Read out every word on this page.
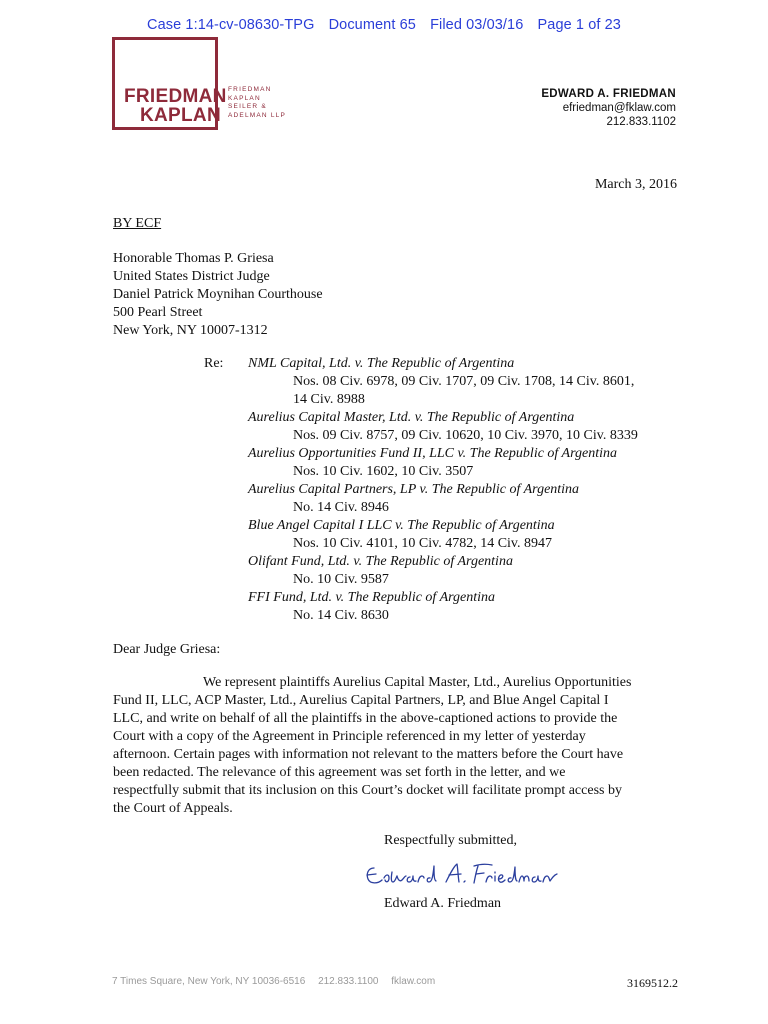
Case 1:14-cv-08630-TPG Document 65 Filed 03/03/16 Page 1 of 23
FRIEDMAN
KAPLAN
FRIEDMAN
KAPLAN
SEILER &
ADELMAN LLP
EDWARD A. FRIEDMAN
efriedman@fklaw.com
212.833.1102
March 3, 2016
BY ECF
Honorable Thomas P. Griesa
United States District Judge
Daniel Patrick Moynihan Courthouse
500 Pearl Street
New York, NY 10007-1312
Re: NML Capital, Ltd. v. The Republic of Argentina
Nos. 08 Civ. 6978, 09 Civ. 1707, 09 Civ. 1708, 14 Civ. 8601,
14 Civ. 8988
Aurelius Capital Master, Ltd. v. The Republic of Argentina
Nos. 09 Civ. 8757, 09 Civ. 10620, 10 Civ. 3970, 10 Civ. 8339
Aurelius Opportunities Fund II, LLC v. The Republic of Argentina
Nos. 10 Civ. 1602, 10 Civ. 3507
Aurelius Capital Partners, LP v. The Republic of Argentina
No. 14 Civ. 8946
Blue Angel Capital I LLC v. The Republic of Argentina
Nos. 10 Civ. 4101, 10 Civ. 4782, 14 Civ. 8947
Olifant Fund, Ltd. v. The Republic of Argentina
No. 10 Civ. 9587
FFI Fund, Ltd. v. The Republic of Argentina
No. 14 Civ. 8630
Dear Judge Griesa:
We represent plaintiffs Aurelius Capital Master, Ltd., Aurelius Opportunities
Fund II, LLC, ACP Master, Ltd., Aurelius Capital Partners, LP, and Blue Angel Capital I
LLC, and write on behalf of all the plaintiffs in the above-captioned actions to provide the
Court with a copy of the Agreement in Principle referenced in my letter of yesterday
afternoon. Certain pages with information not relevant to the matters before the Court have
been redacted. The relevance of this agreement was set forth in the letter, and we
respectfully submit that its inclusion on this Court’s docket will facilitate prompt access by
the Court of Appeals.
Respectfully submitted,
Edward A. Friedman
7 Times Square, New York, NY 10036-6516 212.833.1100 fklaw.com	3169512.2
